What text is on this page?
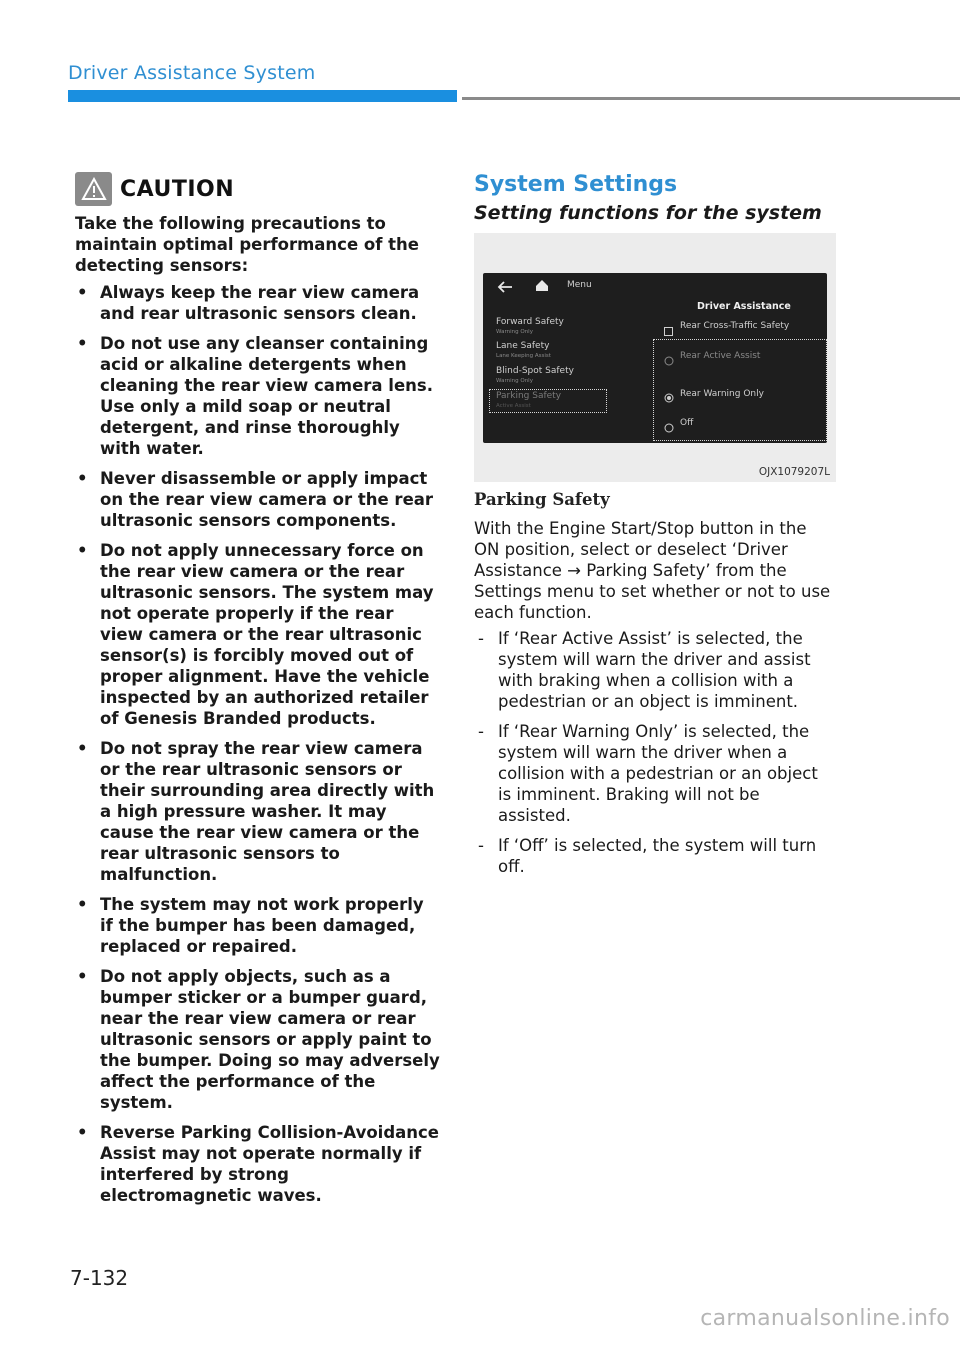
Driver Assistance System
CAUTION
Take the following precautions to maintain optimal performance of the detecting sensors:
• Always keep the rear view camera and rear ultrasonic sensors clean.
• Do not use any cleanser containing acid or alkaline detergents when cleaning the rear view camera lens. Use only a mild soap or neutral detergent, and rinse thoroughly with water.
• Never disassemble or apply impact on the rear view camera or the rear ultrasonic sensors components.
• Do not apply unnecessary force on the rear view camera or the rear ultrasonic sensors. The system may not operate properly if the rear view camera or the rear ultrasonic sensor(s) is forcibly moved out of proper alignment. Have the vehicle inspected by an authorized retailer of Genesis Branded products.
• Do not spray the rear view camera or the rear ultrasonic sensors or their surrounding area directly with a high pressure washer. It may cause the rear view camera or the rear ultrasonic sensors to malfunction.
• The system may not work properly if the bumper has been damaged, replaced or repaired.
• Do not apply objects, such as a bumper sticker or a bumper guard, near the rear view camera or rear ultrasonic sensors or apply paint to the bumper. Doing so may adversely affect the performance of the system.
• Reverse Parking Collision-Avoidance Assist may not operate normally if interfered by strong electromagnetic waves.
System Settings
Setting functions for the system
Menu
Driver Assistance
Forward Safety
Warning Only
Lane Safety
Lane Keeping Assist
Blind-Spot Safety
Warning Only
Parking Safety
Active Assist
Rear Cross-Traffic Safety
Rear Active Assist
Rear Warning Only
Off
OJX1079207L
Parking Safety
With the Engine Start/Stop button in the ON position, select or deselect ‘Driver Assistance → Parking Safety’ from the Settings menu to set whether or not to use each function.
- If ‘Rear Active Assist’ is selected, the system will warn the driver and assist with braking when a collision with a pedestrian or an object is imminent.
- If ‘Rear Warning Only’ is selected, the system will warn the driver when a collision with a pedestrian or an object is imminent. Braking will not be assisted.
- If ‘Off’ is selected, the system will turn off.
7-132
carmanualsonline.info
